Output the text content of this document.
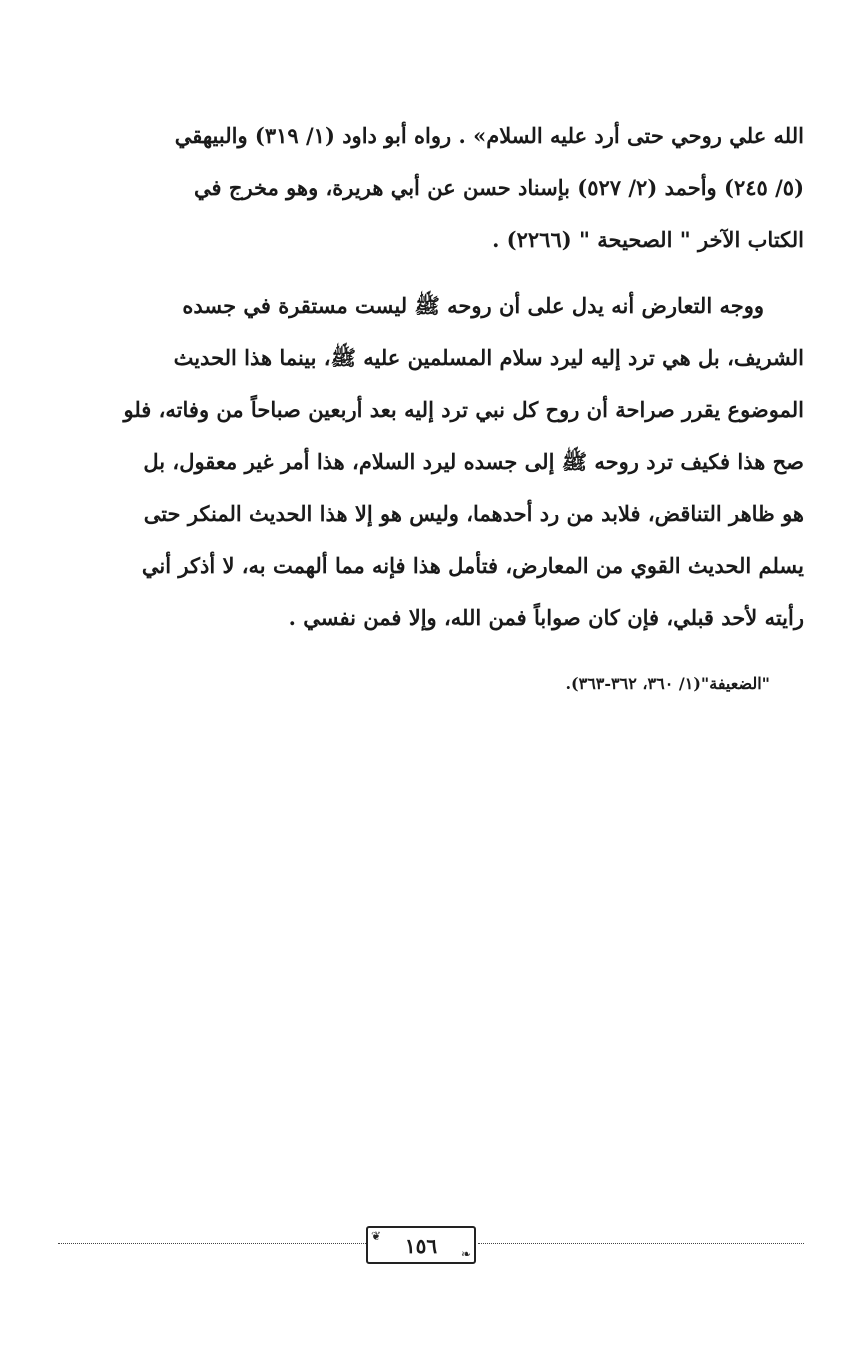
الله علي روحي حتى أرد عليه السلام» . رواه أبو داود (١/ ٣١٩) والبيهقي
(٥/ ٢٤٥) وأحمد (٢/ ٥٢٧) بإسناد حسن عن أبي هريرة، وهو مخرج في
الكتاب الآخر " الصحيحة " (٢٢٦٦) .
ووجه التعارض أنه يدل على أن روحه ﷺ ليست مستقرة في جسده
الشريف، بل هي ترد إليه ليرد سلام المسلمين عليه ﷺ، بينما هذا الحديث
الموضوع يقرر صراحة أن روح كل نبي ترد إليه بعد أربعين صباحاً من وفاته، فلو
صح هذا فكيف ترد روحه ﷺ إلى جسده ليرد السلام، هذا أمر غير معقول، بل
هو ظاهر التناقض، فلابد من رد أحدهما، وليس هو إلا هذا الحديث المنكر حتى
يسلم الحديث القوي من المعارض، فتأمل هذا فإنه مما ألهمت به، لا أذكر أني
رأيته لأحد قبلي، فإن كان صواباً فمن الله، وإلا فمن نفسي .
"الضعيفة"(١/ ٣٦٠، ٣٦٢-٣٦٣).
❦	١٥٦	❧
